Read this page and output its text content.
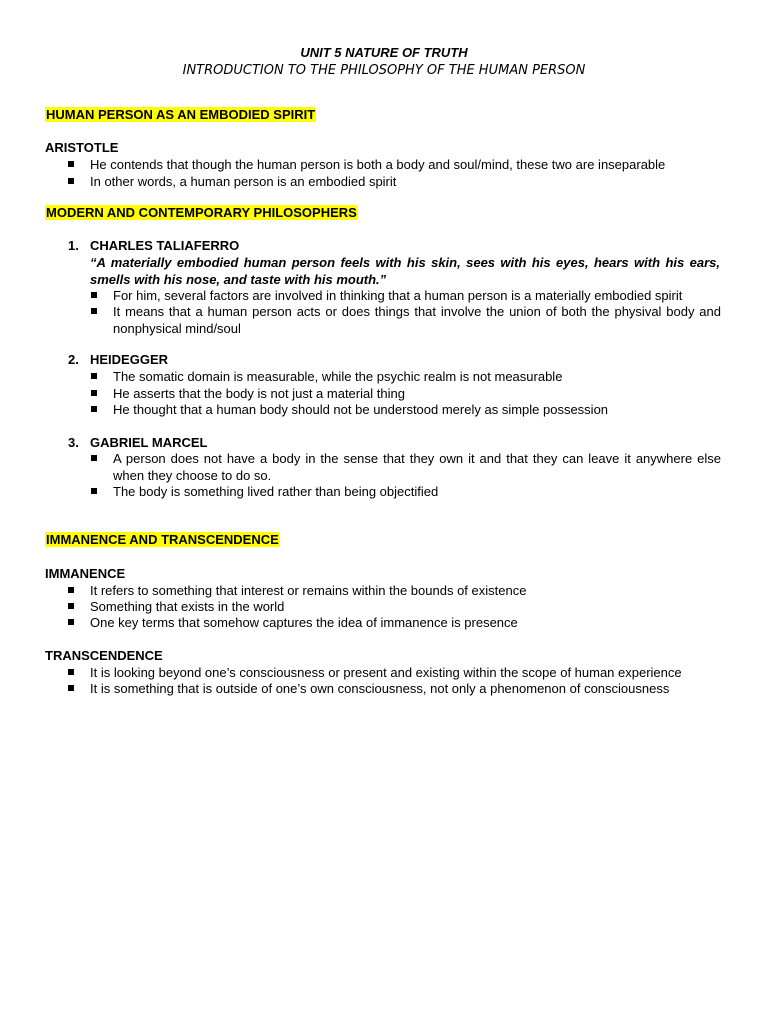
UNIT 5 NATURE OF TRUTH
INTRODUCTION TO THE PHILOSOPHY OF THE HUMAN PERSON
HUMAN PERSON AS AN EMBODIED SPIRIT
ARISTOTLE
He contends that though the human person is both a body and soul/mind, these two are inseparable
In other words, a human person is an embodied spirit
MODERN AND CONTEMPORARY PHILOSOPHERS
1. CHARLES TALIAFERRO
“A materially embodied human person feels with his skin, sees with his eyes, hears with his ears, smells with his nose, and taste with his mouth.”
For him, several factors are involved in thinking that a human person is a materially embodied spirit
It means that a human person acts or does things that involve the union of both the physival body and nonphysical mind/soul
2. HEIDEGGER
The somatic domain is measurable, while the psychic realm is not measurable
He asserts that the body is not just a material thing
He thought that a human body should not be understood merely as simple possession
3. GABRIEL MARCEL
A person does not have a body in the sense that they own it and that they can leave it anywhere else when they choose to do so.
The body is something lived rather than being objectified
IMMANENCE AND TRANSCENDENCE
IMMANENCE
It refers to something that interest or remains within the bounds of existence
Something that exists in the world
One key terms that somehow captures the idea of immanence is presence
TRANSCENDENCE
It is looking beyond one’s consciousness or present and existing within the scope of human experience
It is something that is outside of one’s own consciousness, not only a phenomenon of consciousness
